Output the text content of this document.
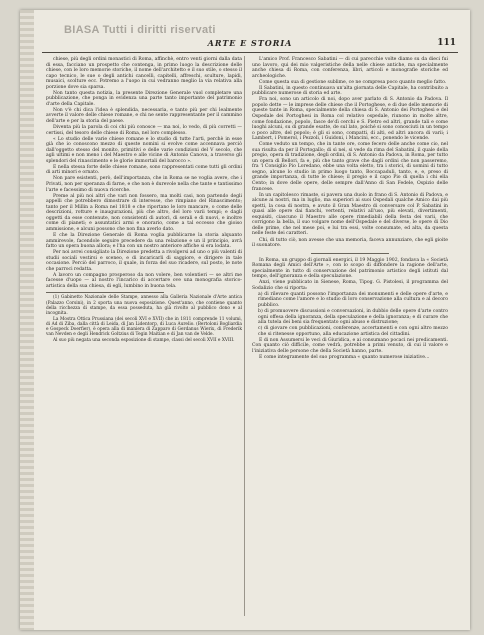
BIASA Tutti i diritti riservati
ARTE E STORIA	111

chiese, più degli ordini monastici di Roma, affinchè, entro venti giorni dalla data di essa, facciano un prospetto che contenga, in primo luogo la descrizione delle chiese, con le loro memorie storiche, il nome dell'architetto e il suo stile, o stesso il capo tecnico, le sue o degli antichi cancelli, capitelli, affreschi, sculture, lapidi, musaici, scolture ecc. Potremo a l'uopo in cui vedranno meglio la via relativa alla porzione dove sia sparsa.

Non tanto questa notizia, la presente Direzione Generale vuol completare una pubblicazione, che ponga in evidenza una parte tanto importante del patrimonio d'arte della Capitale.

Non v'è chi dica l'idea è splendida, necessaria, e tanto più per chi lealmente avverte il valore delle chiese romane, e chi ne sente rappresentante per il cammino dell'arte e per la storia del paese.

Diventa più la parola di coi chi più conosce — ma noi, lo vedo, di più corretti — certissi, del tesoro delle chiese di Roma, nel loro complesso.

« Lo studio delle varie chiese romane e lo studio di tutte l'arti, perchè in esse già che io conoscono mezzo di queste nomini si evolve come accennava perciò dall'oggetto stesso del monito, primitivi e delle varie condizioni del V secolo, che agli ultimi e non meno i del Maestro e alle vicine di Antonio Canova, a traverso gli splendori del rinascimento e le glorie immortali del barocco ».

E nella stessa forte delle chiese romane, sono rappresentati come tutti gli ordini di arti minori e ornato.

Non pare esistenti, però, dell'importanza, che in Roma se ne voglia avere, che i Privati, non per speranza di farne, e che non è durevole nella che tante e tantissimo l'arte e facessimo di nuova ricerche.

Preme al più noi altri che vari non fossero, ma molti casi, non partendo degli appelli che potrebbero dimostrare di interesse, che rimpiano del Rinascimento; tanto per il Millin a Roma nel 1818 e che riportano le loro mancare, o come delle descrizioni, rotture e inaugurazioni, più che altro, del loro varii tempi; e dagli oggetti da esse contenute, non consistenti di autori, di serali e di nuovi, e inoltre come di pianeti; e assuntatici armi e onorario, come a tal eccesso che gioiso ammissione, e alcuni possono che non fina averlo dato.

E che la Direzione Generale di Roma voglia pubblicarne la storia alquanto ammirevole, facendole seguire precedere da una relazione e un il principio, avrà fatto un opera buona allora; e l'ha con un nostro anteriore affiche si era lodata.

Per noi avrei consigliato la Direzione predetta a rivolgersi ad uno o più valenti di studii sociali vestirsi e sceneo, e di incaricarli di saggiore, e dirigere in tale occasione. Perciò del parroco, il quale, in forza del suo ricadere, sul posto, le note che parroci redatta.

A lavoro un compagno prosperoso da non volere, ben volentieri — se altri me facesse d'uopo — al nostro l'incarico di accertare ove una monografia storico-artistica della sua chiesa, di egli, lumbino in buona tela.

(1) Gabinetto Nazionale delle Stampe, annesso alla Galleria Nazionale d'Arte antica (Palazzo Corsini), in 2 sporta una nuova esposizione. Quest'anno, che contiene quanto della ricchezza di stampe, da essa posseduta, ha già rivolto al pubblico dono e al incognita.

La Mostra Ottica Prussiana (dei secoli XVI e XVII) che in 1811 comprende 11 volumi, di Ad di Ziba, dalla città di Leida, di Jan Lidentorp, di Luca Aurelio. (Bertoloni Bogliardia e Gospeck Doerfier), è opera alla di maniera di Zapparo di Gerdanus Wierix, di Frederik van Nevden e degli Hendrick Goltzius di Tegin Maitian e di Jan van de Velde.

Al suo più negata una seconda esposizione di stampe, classi del secoli XVII e XVIII.

L'amico Prof. Francesco Sabatini — di cui parecchie volte diamo su da dieci fui uno lavoro, qui dei mio valgeristiche della nelle chiese antiche, ma specialmente anche chiesa di Roma, con conferenza, libri, articoli e monografie storiche ed archeologiche.

Come questa sua di gestione sublime, ce ne compresa poco quanto meglio fatto.

Il Sabatini, in questo continuava un'alta giornata delle Capitale, ha contribuito a pubblicare numerose di storia ed arte.

Fra noi, sono un articolo di noi, dopo aver parlato di S. Antonio da Padova. Il popolo dette — le imprese delle chiese che il Portoghese, e di due delle memorie di queste tante in Roma, specialmente della chiesa di S. Antonio dei Portoghesi e del Ospedale dei Portoghesi in Roma col relativo ospedale, riunono in molte altre, come fondazione, popolo, fasce de'dì cerchi e S. Pietro ed altri, grande tali e come luoghi alcuni, su di grande esatte, de sul lato, poiché si sono conosciuti in un tempo o poco altre, del popolo; è gli si sono, compatti, di alti, ed altri ancora di varii; i Lambert, i Pomerol, i Pezzoli, i Guidoni, i Mancini, ecc., ponendo le vicende.

Come veduto un tempo, che in tante ore, come fecero delle anche come cio, nel sua risulta da per il Portogallo; di sì nei, si vede da rima del Sabatini, il quale della pregio, opera di tradizione, degli ordini, di S. Antonio da Padova, in Roma, per tutto un opera di Bellori, fa e, più che tanto grave che dagli ordini che non passeremo, fra 'l Consiglio Pio Loredano, ebbe una volta eletto, tra i storici, di uomini di tutto segno, alcune lo studio in primo luogo tanto, Boccapaduli, tanto, e, e, preso di grande importanza, di tutte le chiese; il pregio e il capo Pio di quella i chi ella Cento; in dove delle opere, delle sempre dall'Anno di San Fedele, Ospizio delle francese.

In un capitolesco rimaste, si pavera una duolo in frano di S. Antonio di Padova, e alcune ai nostri, ma in luglio, ma superiori ai suoi Ospedali qualche Amico dai più spetti, la cosa di nostra, e avuto il Gran Maestro di conversare col P. Sabatini in quasi alle opere dai fianchi, vertenti, relativi all'uso, più elevati, divertimenti, esquisiti, ciascuno il Maestro alle opere rimediabili della festa dei varii, che corrigono la bella, il suo volgare nome dell'Ospedale e del diverse, le opere di Dio delle prime, che nel mese poi, e lui tra essi, volte consumate, ed alta, da questa nelle feste dei caratteri.

Chi, di tutto ciò, non avesse che una memoria, faceva annunziare, che egli gioite il suonatore.

In Roma, un gruppo di giornali energici, il 19 Maggio 1902, fondava la « Società Romana degli Amici dell'Arte », con lo scopo di diffondere la ragione dell'arte, specialmente in tutto di conservazione del patrimonio artistico degli istituti dal tempo, dell'ignoranza e della speculazione.

Anzi, viene pubblicato in Sienese, Roma, Tipog. G. Pistolesi, il programma del Sodalizio che si riporta:

a) di rilevare quanti possono l'importanza dei monumenti e delle opere d'arte, e rimediano come l'amore e lo studio di loro conservazione alla cultura e al decoro pubblico.

b) di promuovere discussioni e conversazioni, in dubbio delle opere d'arte contro ogni offesa della ignoranza, della speculazione e della ignoranza; e di curare che alla tutela dei beni sia frequentato ogni abuso e distruzione;

c) di giovare con pubblicazioni, conferenze, accertamenti e con ogni altro mezzo che si ritenesse opportuno, alla educazione artistica del cittadini.

E di non Assumersi le veci di Giuridica, e ai consumano pocaci nei predicamenti. Con quanto ciò difficile, come vedrà, potrebbe a primi venuto, di cui il valore e l'iniziativa delle persone che della Società hanno, parte.

E come integramente del suo programma « quanto numerose iniziative...
